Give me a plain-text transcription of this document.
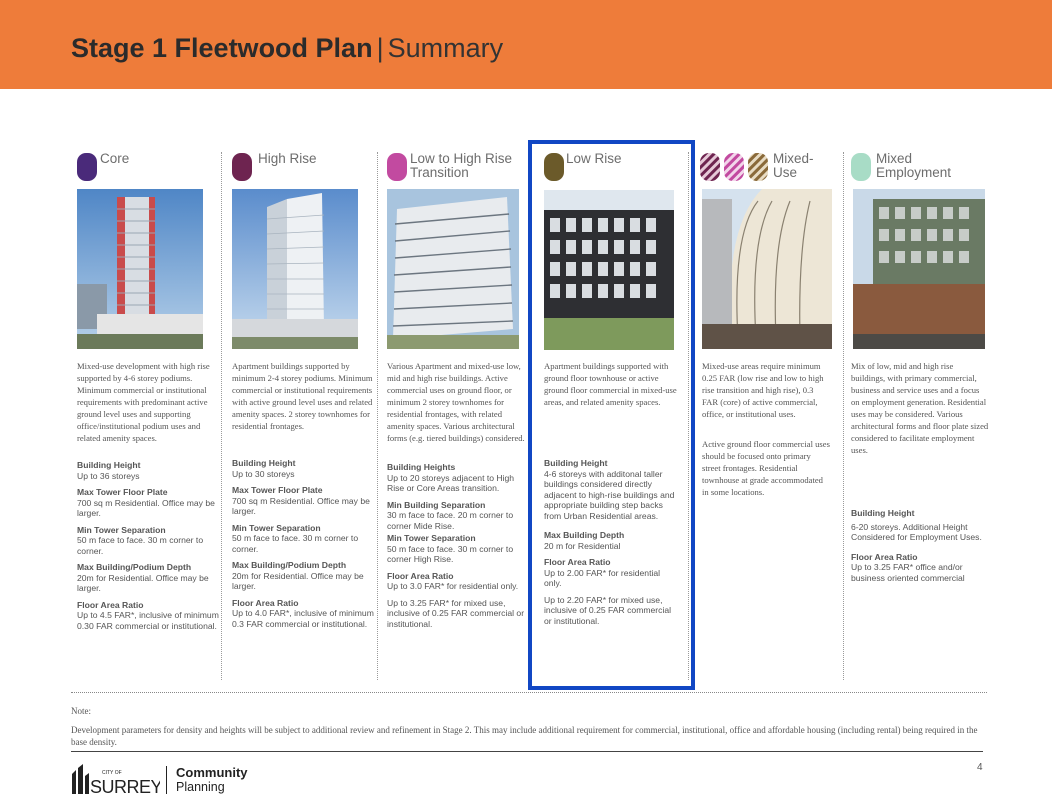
Stage 1 Fleetwood Plan | Summary
Core
Mixed-use development with high rise supported by 4-6 storey podiums. Minimum commercial or institutional requirements with predominant active ground level uses and supporting office/institutional podium uses and related amenity spaces.
Building Height
Up to 36 storeys
Max Tower Floor Plate
700 sq m Residential. Office may be larger.
Min Tower Separation
50 m face to face. 30 m corner to corner.
Max Building/Podium Depth
20m for Residential. Office may be larger.
Floor Area Ratio
Up to 4.5 FAR*, inclusive of minimum 0.30 FAR commercial or institutional.
High Rise
Apartment buildings supported by minimum 2-4 storey podiums. Minimum commercial or institutional requirements with active ground level uses and related amenity spaces. 2 storey townhomes for residential frontages.
Building Height
Up to 30 storeys
Max Tower Floor Plate
700 sq m Residential. Office may be larger.
Min Tower Separation
50 m face to face. 30 m corner to corner.
Max Building/Podium Depth
20m for Residential. Office may be larger.
Floor Area Ratio
Up to 4.0 FAR*, inclusive of minimum 0.3 FAR commercial or institutional.
Low to High Rise Transition
Various Apartment and mixed-use low, mid and high rise buildings. Active commercial uses on ground floor, or minimum 2 storey townhomes for residential frontages, with related amenity spaces. Various architectural forms (e.g. tiered buildings) considered.
Building Heights
Up to 20 storeys adjacent to High Rise or Core Areas transition.
Min Building Separation
30 m face to face. 20 m corner to corner Mide Rise.
Min Tower Separation
50 m face to face. 30 m corner to corner High Rise.
Floor Area Ratio
Up to 3.0 FAR* for residential only.
Up to 3.25 FAR* for mixed use, inclusive of 0.25 FAR commercial or institutional.
Low Rise
Apartment buildings supported with ground floor townhouse or active ground floor commercial in mixed-use areas, and related amenity spaces.
Building Height
4-6 storeys with additonal taller buildings considered directly adjacent to high-rise buildings and appropriate building step backs from Urban Residential areas.
Max Building Depth
20 m for Residential
Floor Area Ratio
Up to 2.00 FAR* for residential only.
Up to 2.20 FAR* for mixed use, inclusive of 0.25 FAR commercial or institutional.
Mixed-Use
Mixed-use areas require minimum 0.25 FAR (low rise and low to high rise transition and high rise), 0.3 FAR (core) of active commercial, office, or institutional uses.
Active ground floor commercial uses should be focused onto primary street frontages. Residential townhouse at grade accommodated in some locations.
Mixed Employment
Mix of low, mid and high rise buildings, with primary commercial, business and service uses and a focus on employment generation. Residential uses may be considered. Various architectural forms and floor plate sized considered to facilitate employment uses.
Building Height
6-20 storeys. Additional Height Considered for Employment Uses.
Floor Area Ratio
Up to 3.25 FAR* office and/or business oriented commercial
Note:
Development parameters for density and heights will be subject to additional review and refinement in Stage 2. This may include additional requirement for commercial, institutional, office and affordable housing (including rental) being required in the base density.
CITY OF
SURREY
Community
Planning
4
